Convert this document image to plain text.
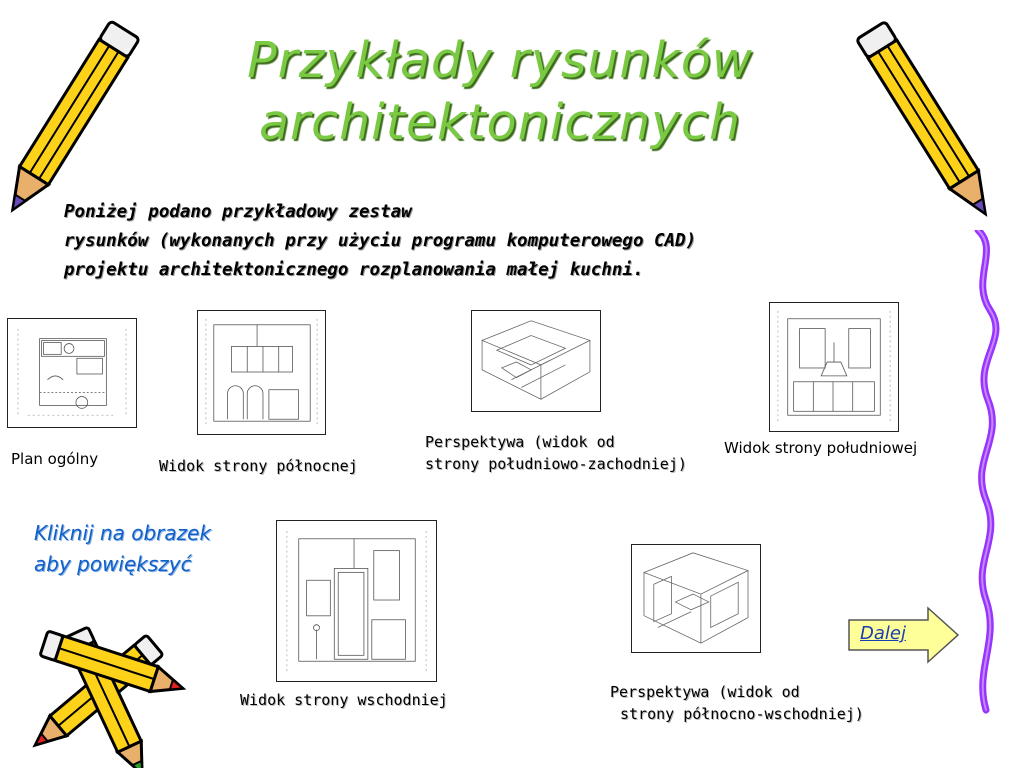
Przykłady rysunków
architektonicznych
Poniżej podano przykładowy zestaw
rysunków (wykonanych przy użyciu programu komputerowego CAD)
projektu architektonicznego rozplanowania małej kuchni.
Plan ogólny	Widok strony północnej
Perspektywa (widok od
strony południowo-zachodniej)
Widok strony południowej
Widok strony wschodniej	Perspektywa (widok od
strony północno-wschodniej)
Kliknij na obrazek
aby powiększyć
Dalej
